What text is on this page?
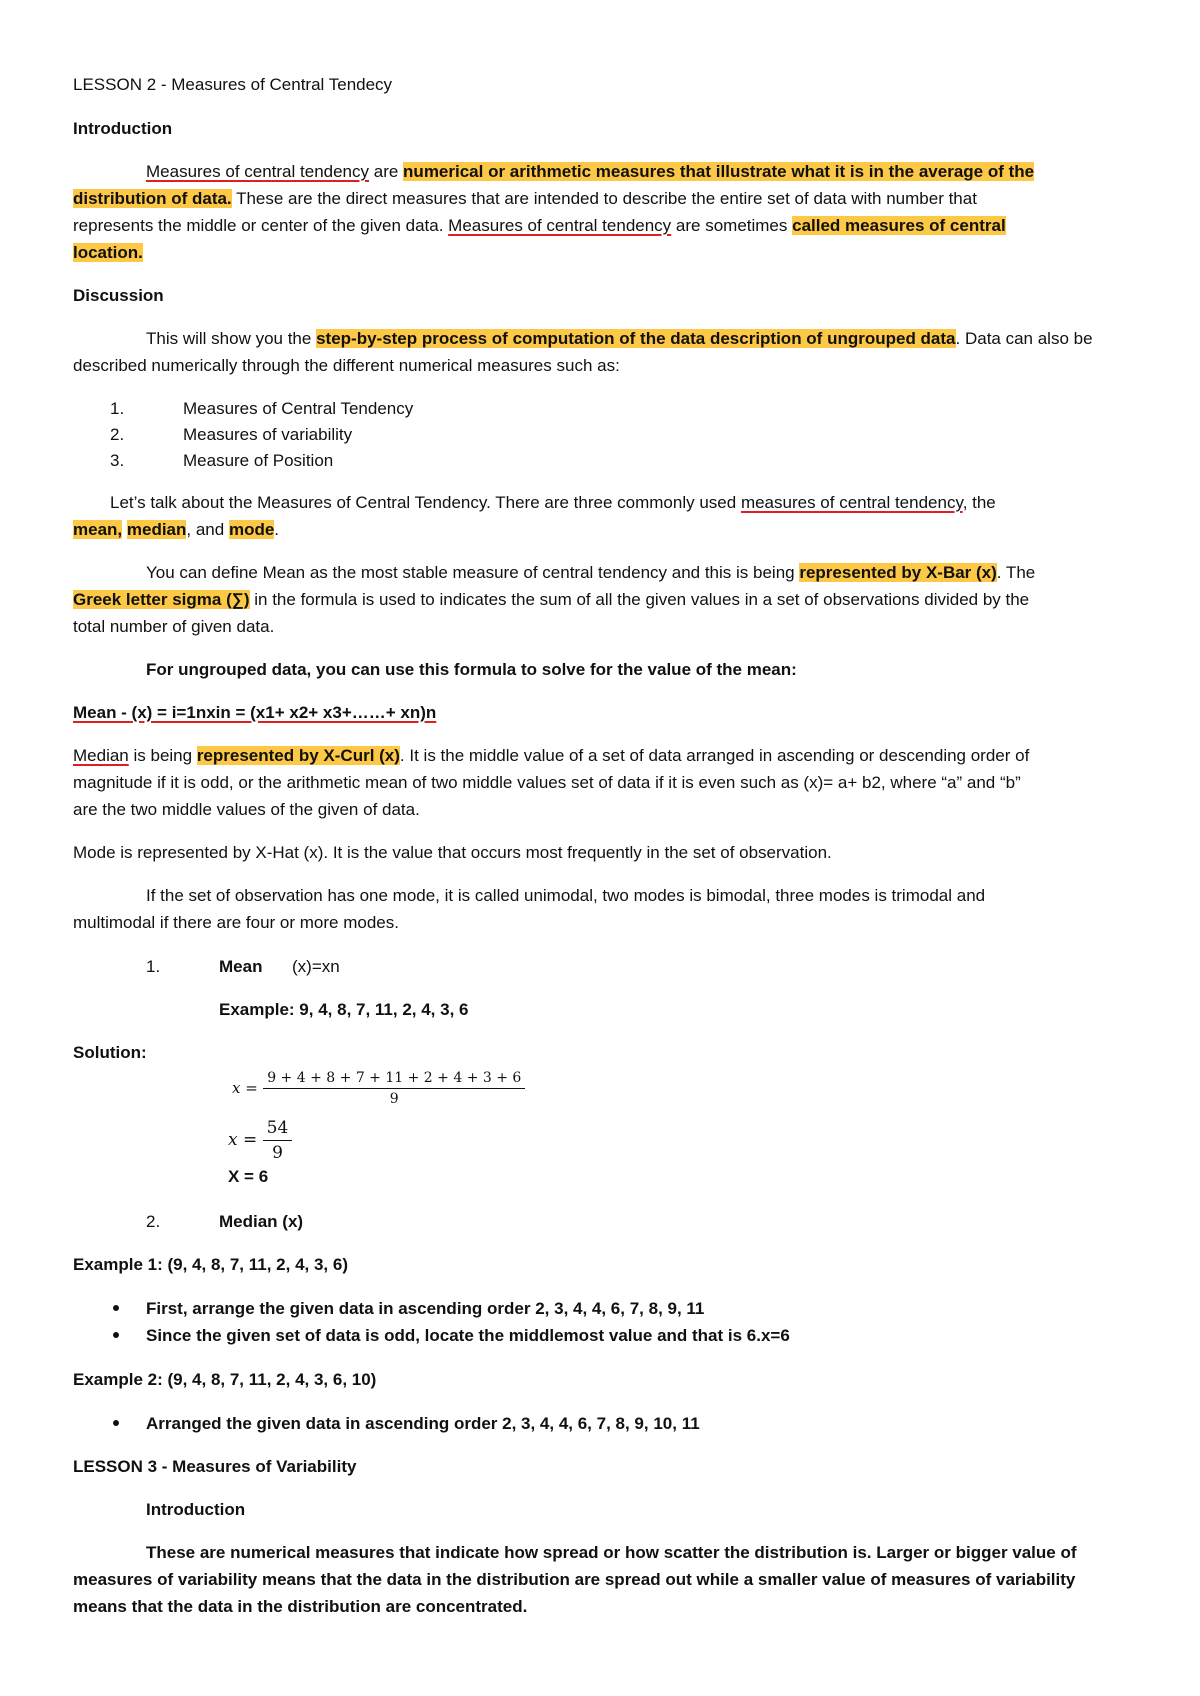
LESSON 2 - Measures of Central Tendecy
Introduction
Measures of central tendency are numerical or arithmetic measures that illustrate what it is in the average of the
distribution of data. These are the direct measures that are intended to describe the entire set of data with number that
represents the middle or center of the given data. Measures of central tendency are sometimes called measures of central
location.
Discussion
This will show you the step-by-step process of computation of the data description of ungrouped data. Data can also be
described numerically through the different numerical measures such as:
1.	Measures of Central Tendency
2.	Measures of variability
3.	Measure of Position
Let’s talk about the Measures of Central Tendency. There are three commonly used measures of central tendency, the
mean, median, and mode.
You can define Mean as the most stable measure of central tendency and this is being represented by X-Bar (x). The
Greek letter sigma (∑) in the formula is used to indicates the sum of all the given values in a set of observations divided by the
total number of given data.
For ungrouped data, you can use this formula to solve for the value of the mean:
Mean - (x) = i=1nxin = (x1+ x2+ x3+……+ xn)n
Median is being represented by X-Curl (x). It is the middle value of a set of data arranged in ascending or descending order of
magnitude if it is odd, or the arithmetic mean of two middle values set of data if it is even such as (x)= a+ b2, where “a” and “b”
are the two middle values of the given of data.
Mode is represented by X-Hat (x). It is the value that occurs most frequently in the set of observation.
If the set of observation has one mode, it is called unimodal, two modes is bimodal, three modes is trimodal and
multimodal if there are four or more modes.
1.	Mean (x)=xn
Example: 9, 4, 8, 7, 11, 2, 4, 3, 6
Solution:
$x = \frac{9 + 4 + 8 + 7 + 11 + 2 + 4 + 3 + 6}{9}$
$x = \frac{54}{9}$
X = 6
2.	Median (x)
Example 1: (9, 4, 8, 7, 11, 2, 4, 3, 6)
First, arrange the given data in ascending order 2, 3, 4, 4, 6, 7, 8, 9, 11
Since the given set of data is odd, locate the middlemost value and that is 6.x=6
Example 2: (9, 4, 8, 7, 11, 2, 4, 3, 6, 10)
Arranged the given data in ascending order 2, 3, 4, 4, 6, 7, 8, 9, 10, 11
LESSON 3 - Measures of Variability
Introduction
These are numerical measures that indicate how spread or how scatter the distribution is. Larger or bigger value of
measures of variability means that the data in the distribution are spread out while a smaller value of measures of variability
means that the data in the distribution are concentrated.
